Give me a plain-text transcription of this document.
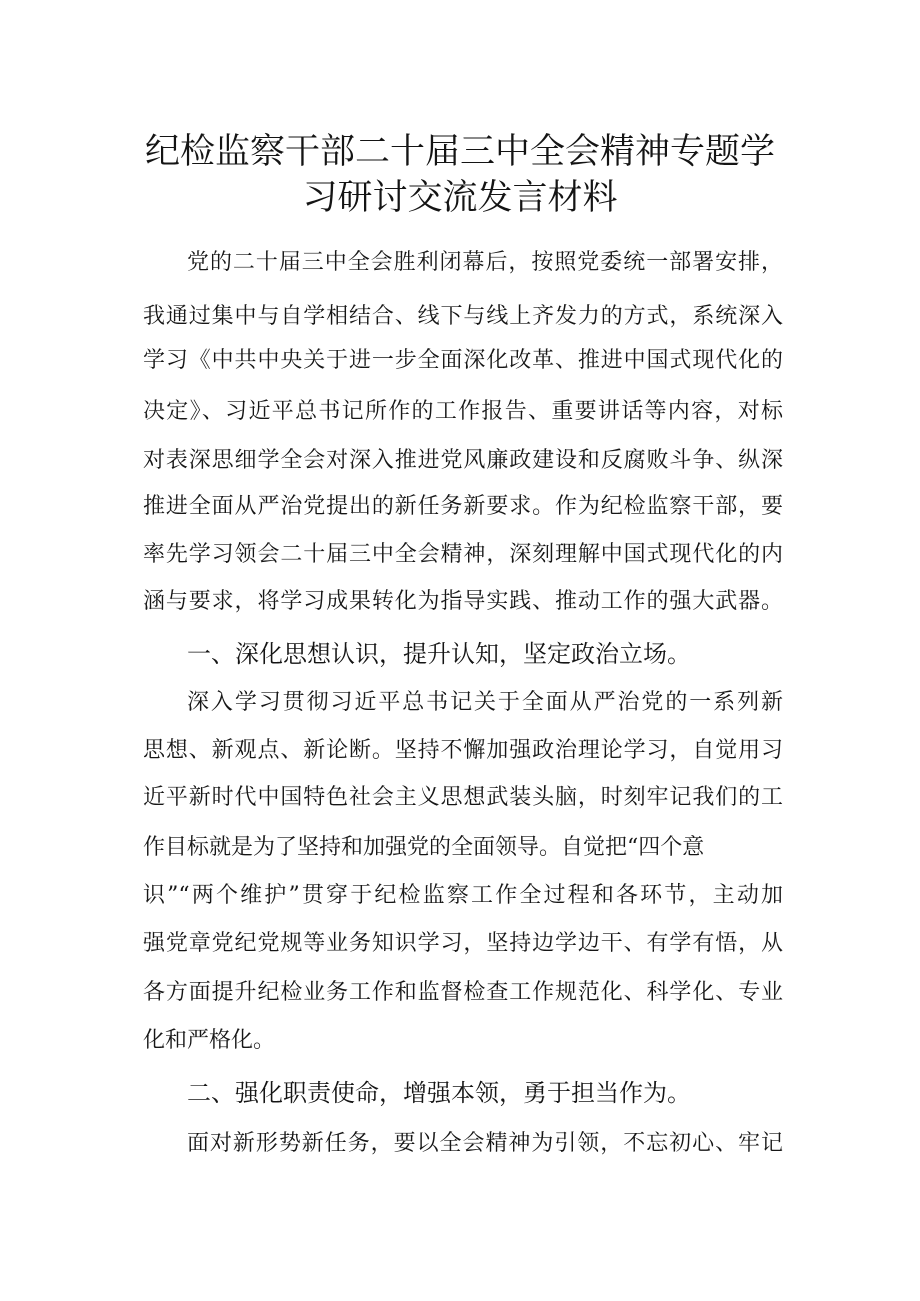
纪检监察干部二十届三中全会精神专题学
习研讨交流发言材料
党的二十届三中全会胜利闭幕后，按照党委统一部署安排，
我通过集中与自学相结合、线下与线上齐发力的方式，系统深入
学习《中共中央关于进一步全面深化改革、推进中国式现代化的
决定》、习近平总书记所作的工作报告、重要讲话等内容，对标
对表深思细学全会对深入推进党风廉政建设和反腐败斗争、纵深
推进全面从严治党提出的新任务新要求。作为纪检监察干部，要
率先学习领会二十届三中全会精神，深刻理解中国式现代化的内
涵与要求，将学习成果转化为指导实践、推动工作的强大武器。
一、深化思想认识，提升认知，坚定政治立场。
深入学习贯彻习近平总书记关于全面从严治党的一系列新
思想、新观点、新论断。坚持不懈加强政治理论学习，自觉用习
近平新时代中国特色社会主义思想武装头脑，时刻牢记我们的工
作目标就是为了坚持和加强党的全面领导。自觉把“四个意
识”“两个维护”贯穿于纪检监察工作全过程和各环节，主动加
强党章党纪党规等业务知识学习，坚持边学边干、有学有悟，从
各方面提升纪检业务工作和监督检查工作规范化、科学化、专业
化和严格化。
二、强化职责使命，增强本领，勇于担当作为。
面对新形势新任务，要以全会精神为引领，不忘初心、牢记
